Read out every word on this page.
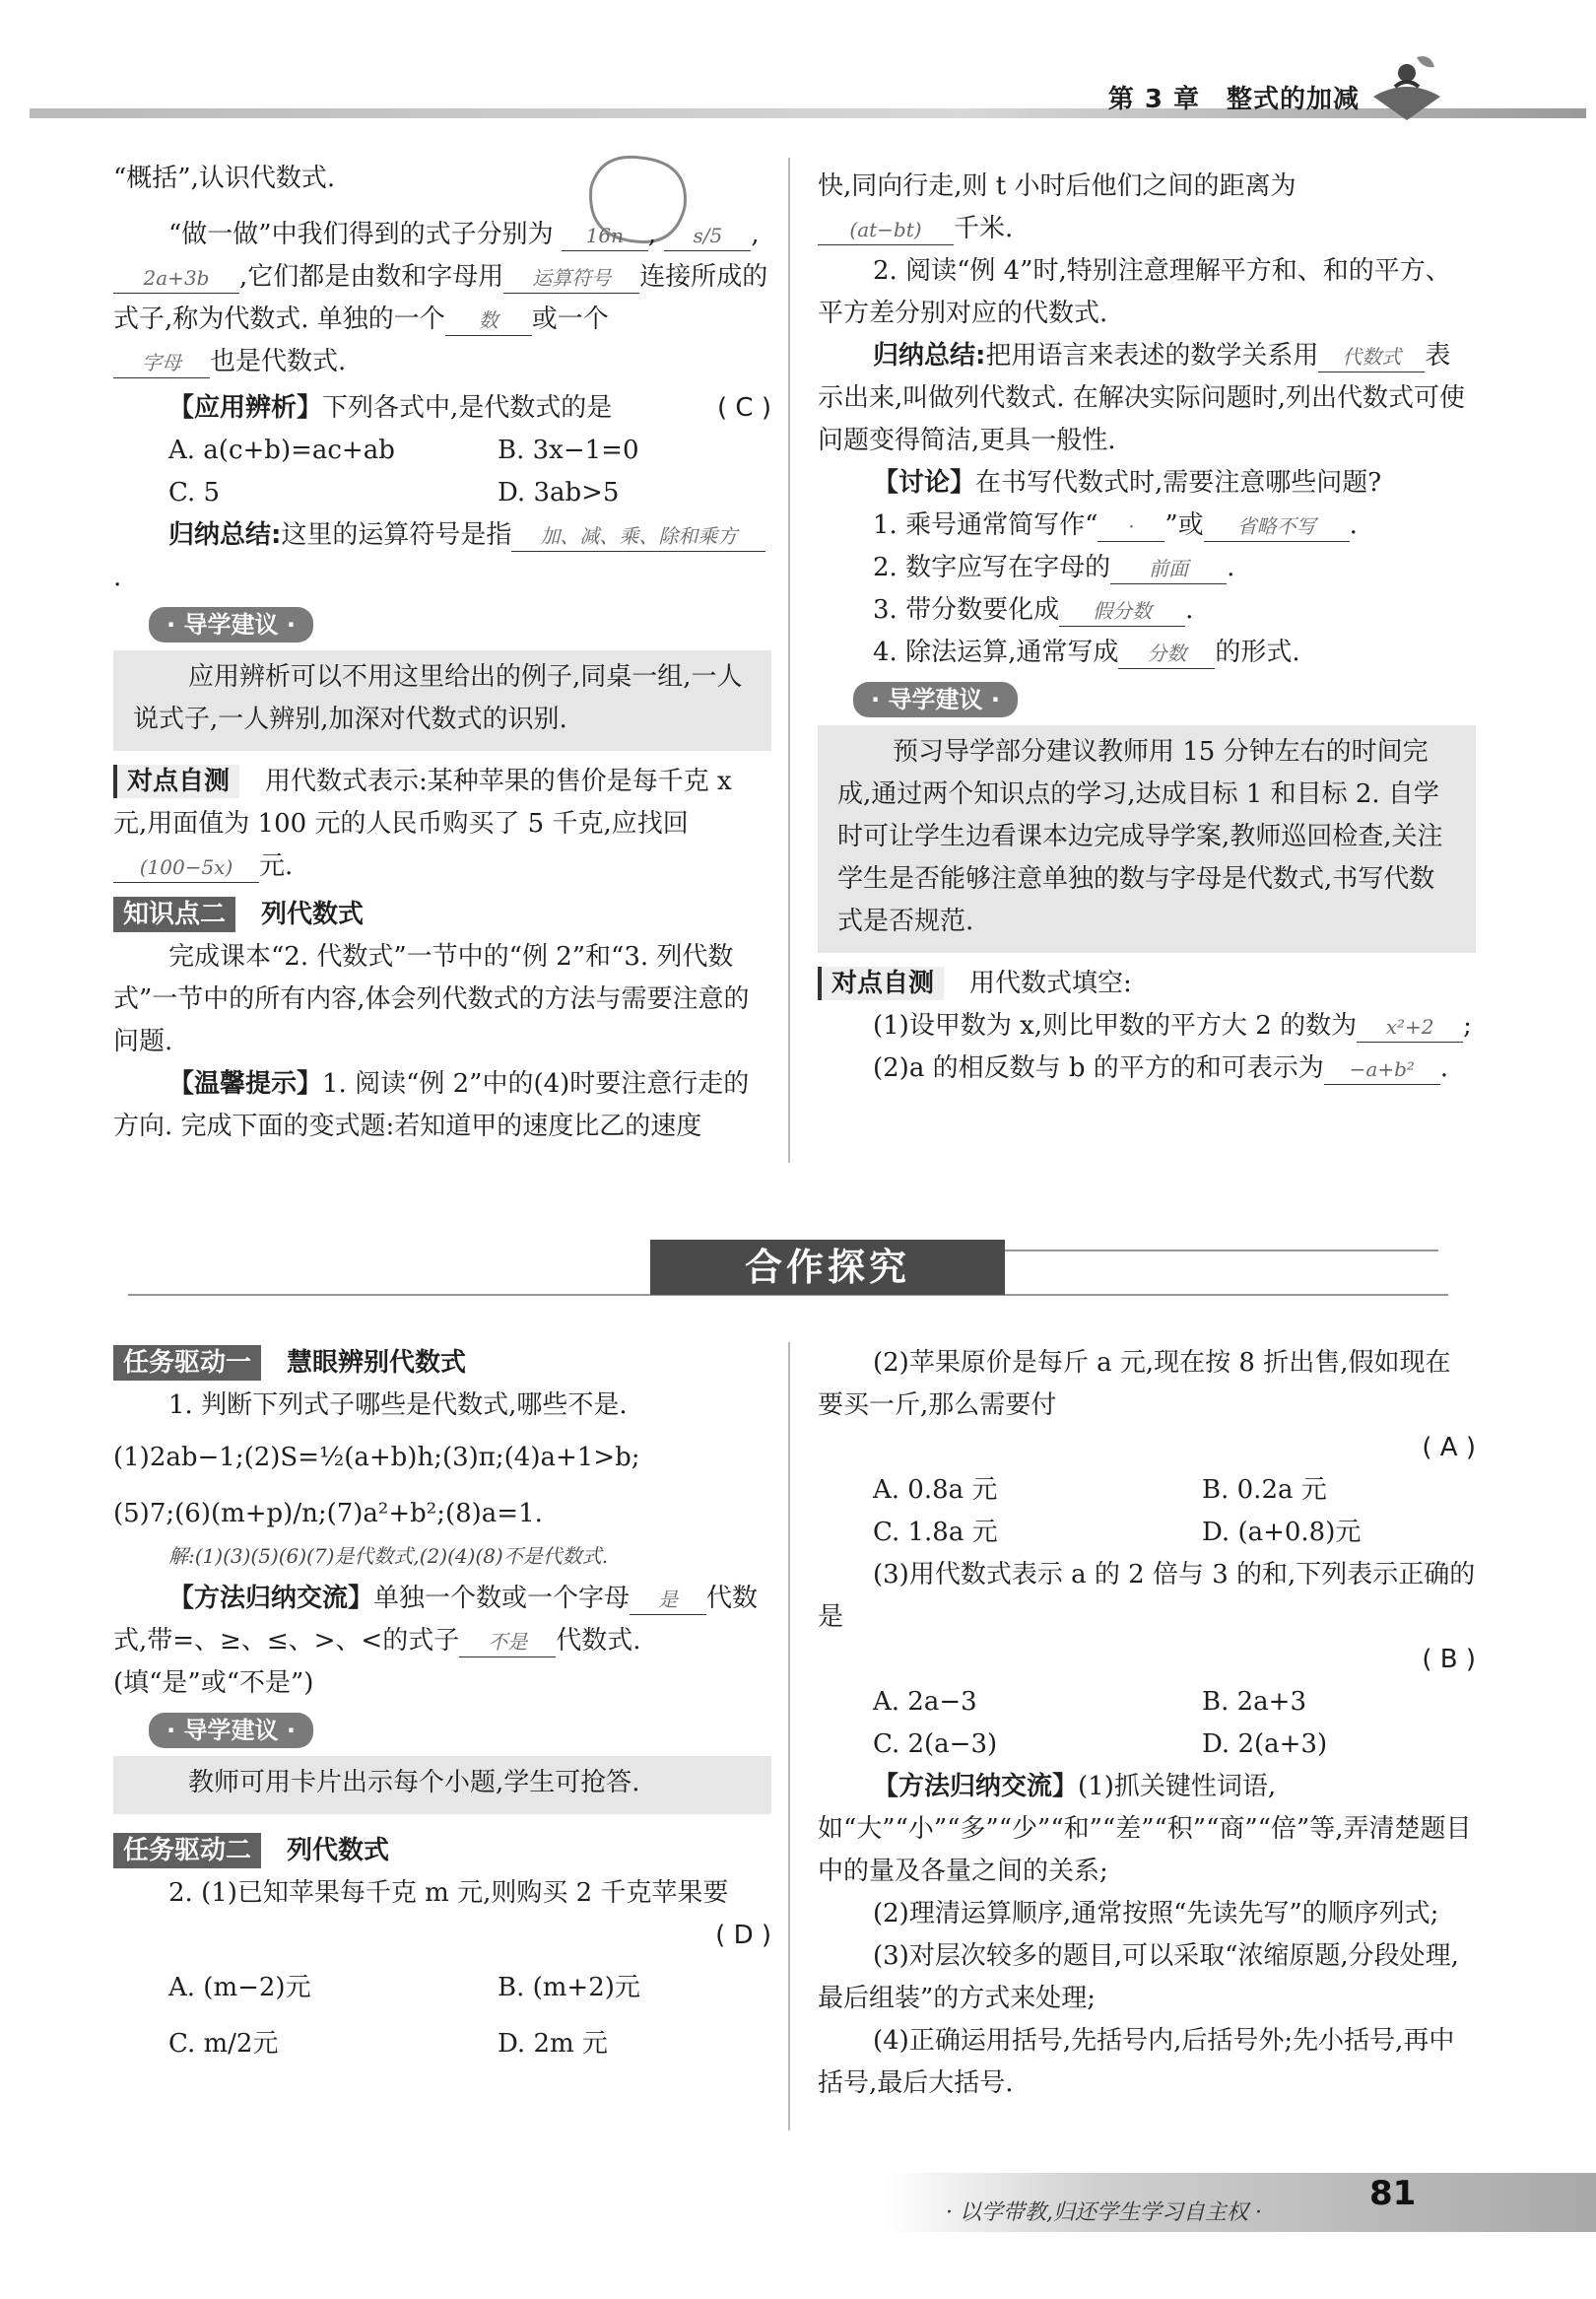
第 3 章　整式的加减

“概括”,认识代数式.

“做一做”中我们得到的式子分别为 16n , s/5 ,

2a+3b ,它们都是由数和字母用 运算符号 连接所成的式子,称为代数式. 单独的一个 数 或一个

字母 也是代数式.

【应用辨析】下列各式中,是代数式的是	( C )

A. a(c+b)=ac+ab	B. 3x−1=0
C. 5	D. 3ab>5

归纳总结:这里的运算符号是指 加、减、乘、除和乘方.

· 导学建议 ·

应用辨析可以不用这里给出的例子,同桌一组,一人说式子,一人辨别,加深对代数式的识别.

对点自测　 用代数式表示:某种苹果的售价是每千克 x 元,用面值为 100 元的人民币购买了 5 千克,应找回(100−5x) 元.

知识点二　 列代数式

完成课本“2. 代数式”一节中的“例 2”和“3. 列代数式”一节中的所有内容,体会列代数式的方法与需要注意的问题.

【温馨提示】1. 阅读“例 2”中的(4)时要注意行走的方向. 完成下面的变式题:若知道甲的速度比乙的速度

快,同向行走,则 t 小时后他们之间的距离为

(at−bt) 千米.

2. 阅读“例 4”时,特别注意理解平方和、和的平方、平方差分别对应的代数式.

归纳总结:把用语言来表述的数学关系用 代数式 表示出来,叫做列代数式. 在解决实际问题时,列出代数式可使问题变得简洁,更具一般性.

【讨论】在书写代数式时,需要注意哪些问题?

1. 乘号通常简写作“ · ”或 省略不写 .

2. 数字应写在字母的 前面 .

3. 带分数要化成 假分数 .

4. 除法运算,通常写成 分数 的形式.

· 导学建议 ·

预习导学部分建议教师用 15 分钟左右的时间完成,通过两个知识点的学习,达成目标 1 和目标 2. 自学时可让学生边看课本边完成导学案,教师巡回检查,关注学生是否能够注意单独的数与字母是代数式,书写代数式是否规范.

对点自测　 用代数式填空:

(1)设甲数为 x,则比甲数的平方大 2 的数为 x²+2 ;

(2)a 的相反数与 b 的平方的和可表示为 −a+b² .

合作探究

任务驱动一　 慧眼辨别代数式

1. 判断下列式子哪些是代数式,哪些不是.

(1)2ab−1;(2)S=½(a+b)h;(3)π;(4)a+1>b;

(5)7;(6)(m+p)/n;(7)a²+b²;(8)a=1.

解:(1)(3)(5)(6)(7)是代数式,(2)(4)(8)不是代数式.

【方法归纳交流】单独一个数或一个字母 是 代数式,带=、≥、≤、>、<的式子 不是 代数式. (填“是”或“不是”)

· 导学建议 ·

教师可用卡片出示每个小题,学生可抢答.

任务驱动二　 列代数式

2. (1)已知苹果每千克 m 元,则购买 2 千克苹果要

( D )

A. (m−2)元	B. (m+2)元
C. m/2元	D. 2m 元

(2)苹果原价是每斤 a 元,现在按 8 折出售,假如现在要买一斤,那么需要付

( A )

A. 0.8a 元	B. 0.2a 元
C. 1.8a 元	D. (a+0.8)元

(3)用代数式表示 a 的 2 倍与 3 的和,下列表示正确的是

( B )

A. 2a−3	B. 2a+3
C. 2(a−3)	D. 2(a+3)

【方法归纳交流】(1)抓关键性词语,如“大”“小”“多”“少”“和”“差”“积”“商”“倍”等,弄清楚题目中的量及各量之间的关系;

(2)理清运算顺序,通常按照“先读先写”的顺序列式;

(3)对层次较多的题目,可以采取“浓缩原题,分段处理,最后组装”的方式来处理;

(4)正确运用括号,先括号内,后括号外;先小括号,再中括号,最后大括号.

· 以学带教,归还学生学习自主权 ·	81
